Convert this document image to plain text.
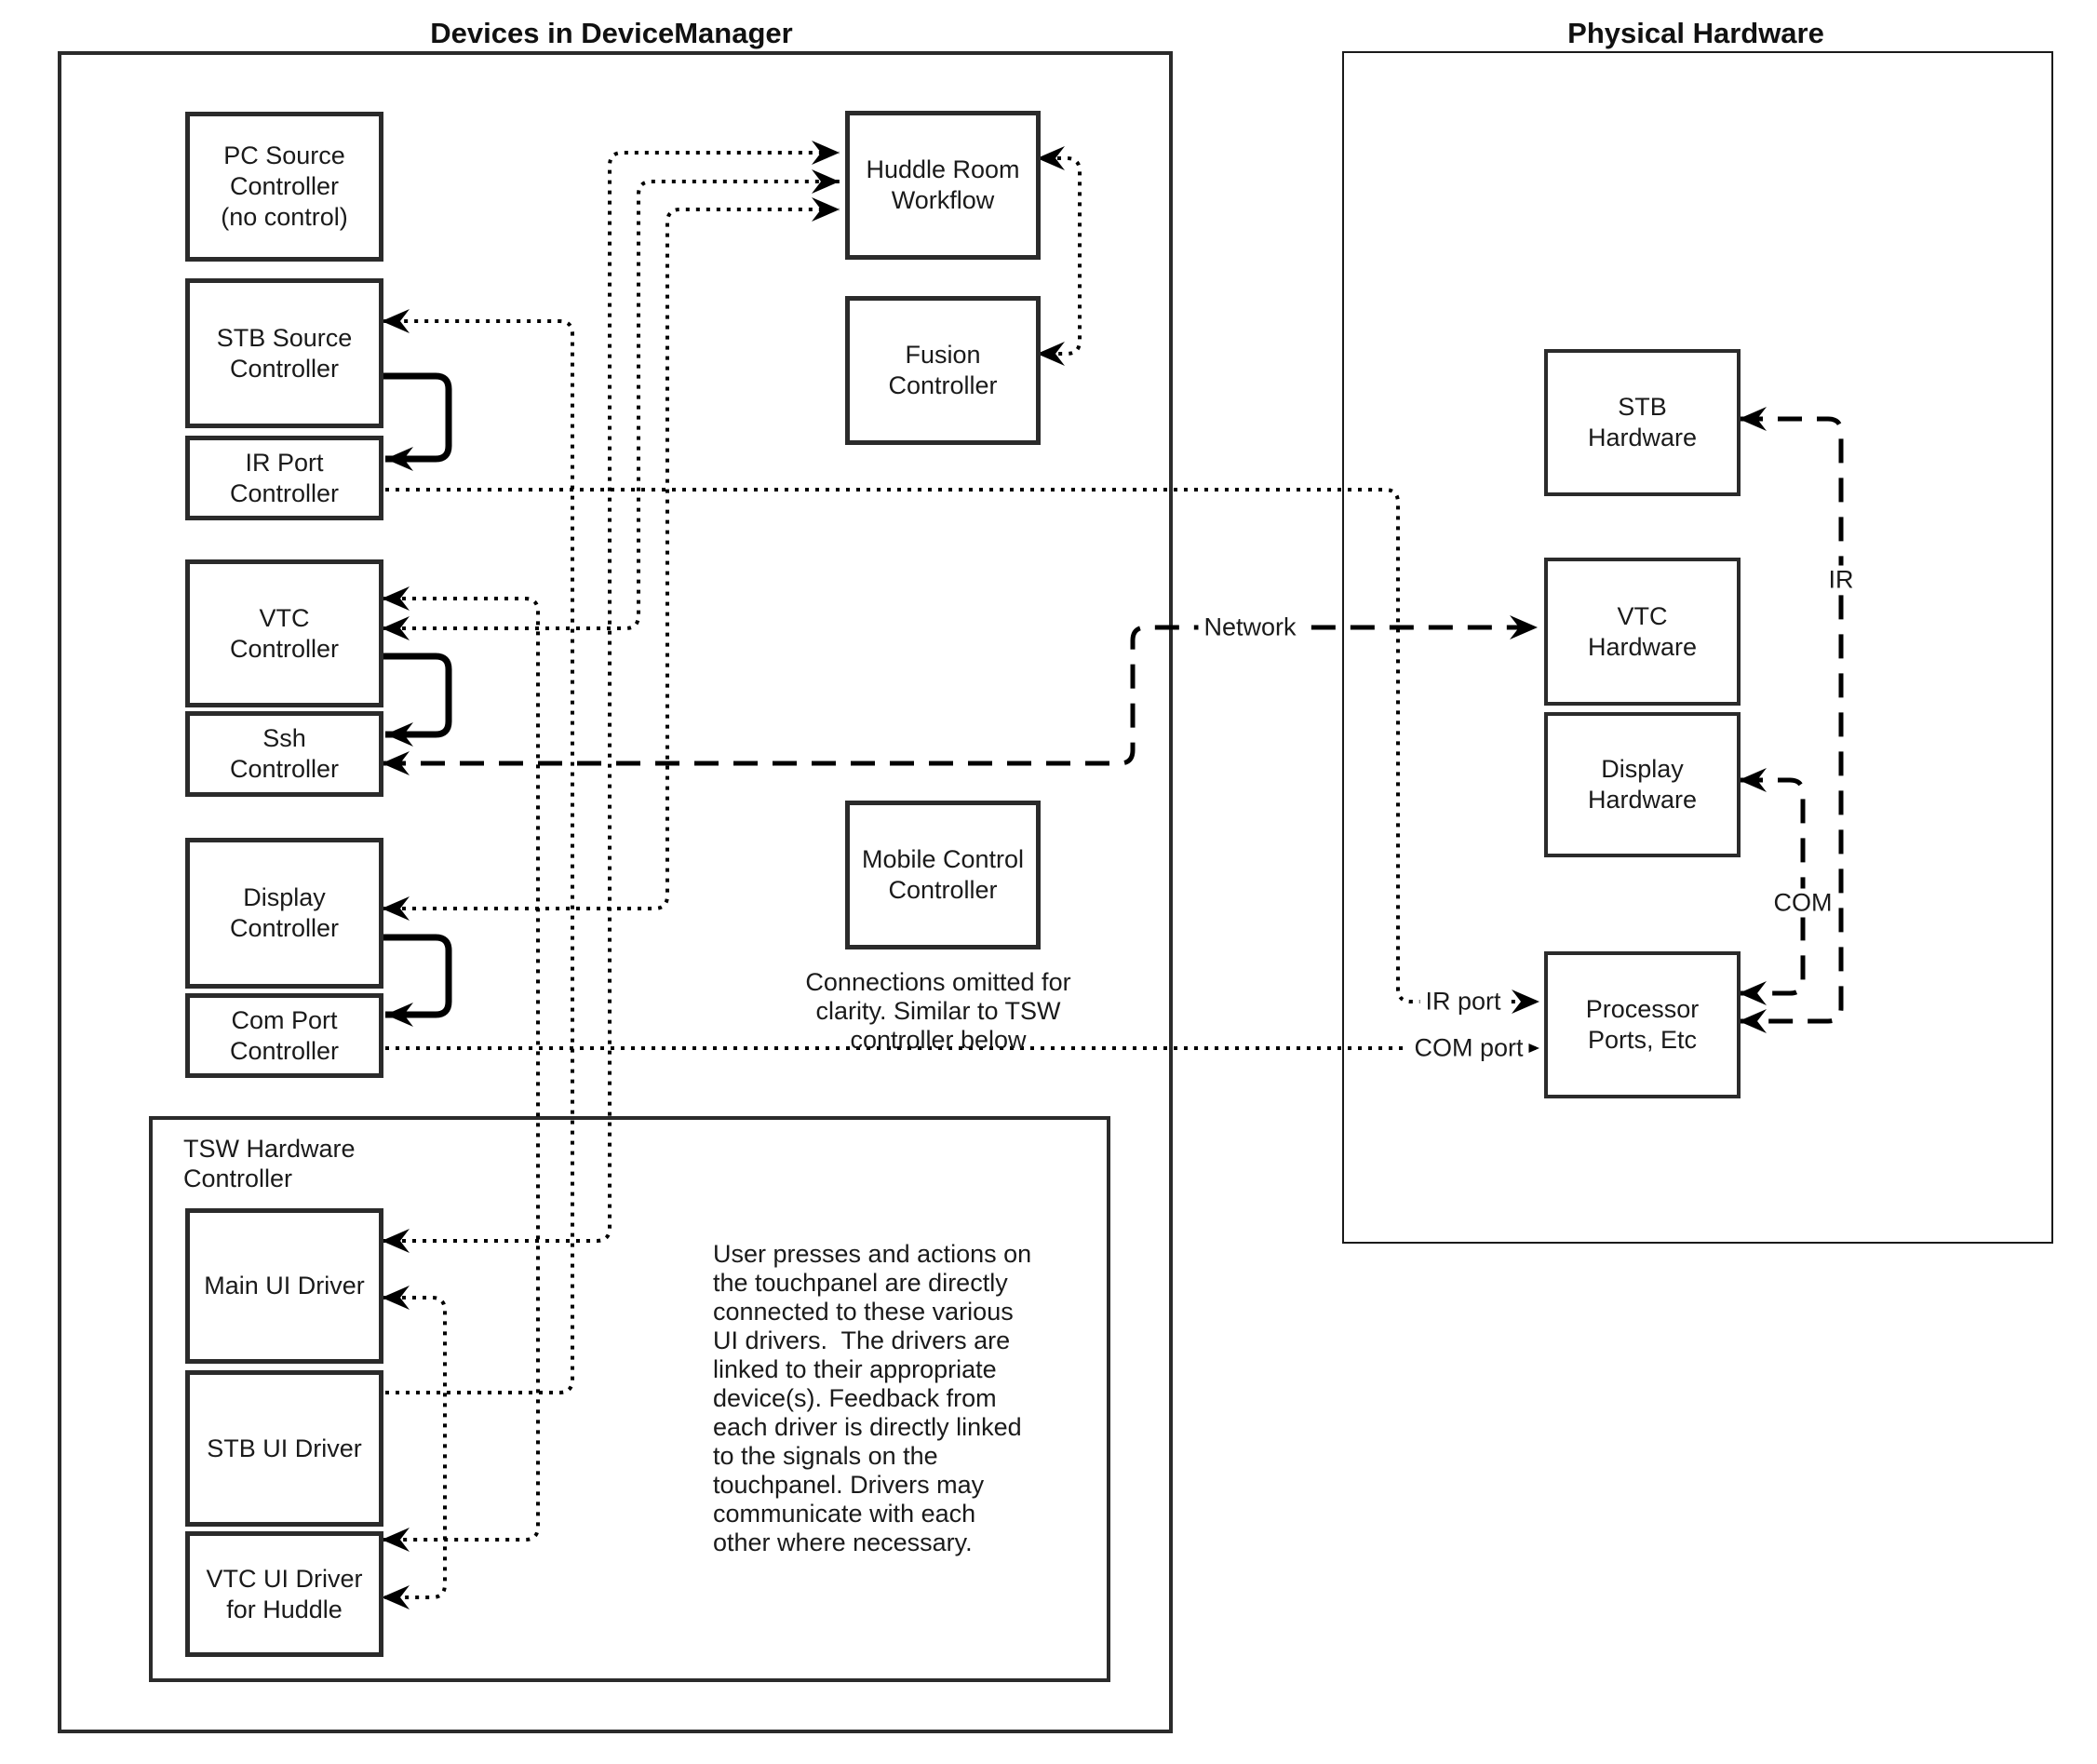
Devices in DeviceManager	Physical Hardware
TSW Hardware
Controller
PC Source
Controller
(no control)
STB Source
Controller
IR Port
Controller
VTC
Controller
Ssh
Controller
Display
Controller
Com Port
Controller
Huddle Room
Workflow
Fusion
Controller
Mobile Control
Controller
Main UI Driver
STB UI Driver
VTC UI Driver
for Huddle
STB
Hardware
VTC
Hardware
Display
Hardware
Processor
Ports, Etc
Network
IR
COM
IR port
COM port
Connections omitted for
clarity. Similar to TSW
controller below
User presses and actions on
the touchpanel are directly
connected to these various
UI drivers.  The drivers are
linked to their appropriate
device(s). Feedback from
each driver is directly linked
to the signals on the
touchpanel. Drivers may
communicate with each
other where necessary.
